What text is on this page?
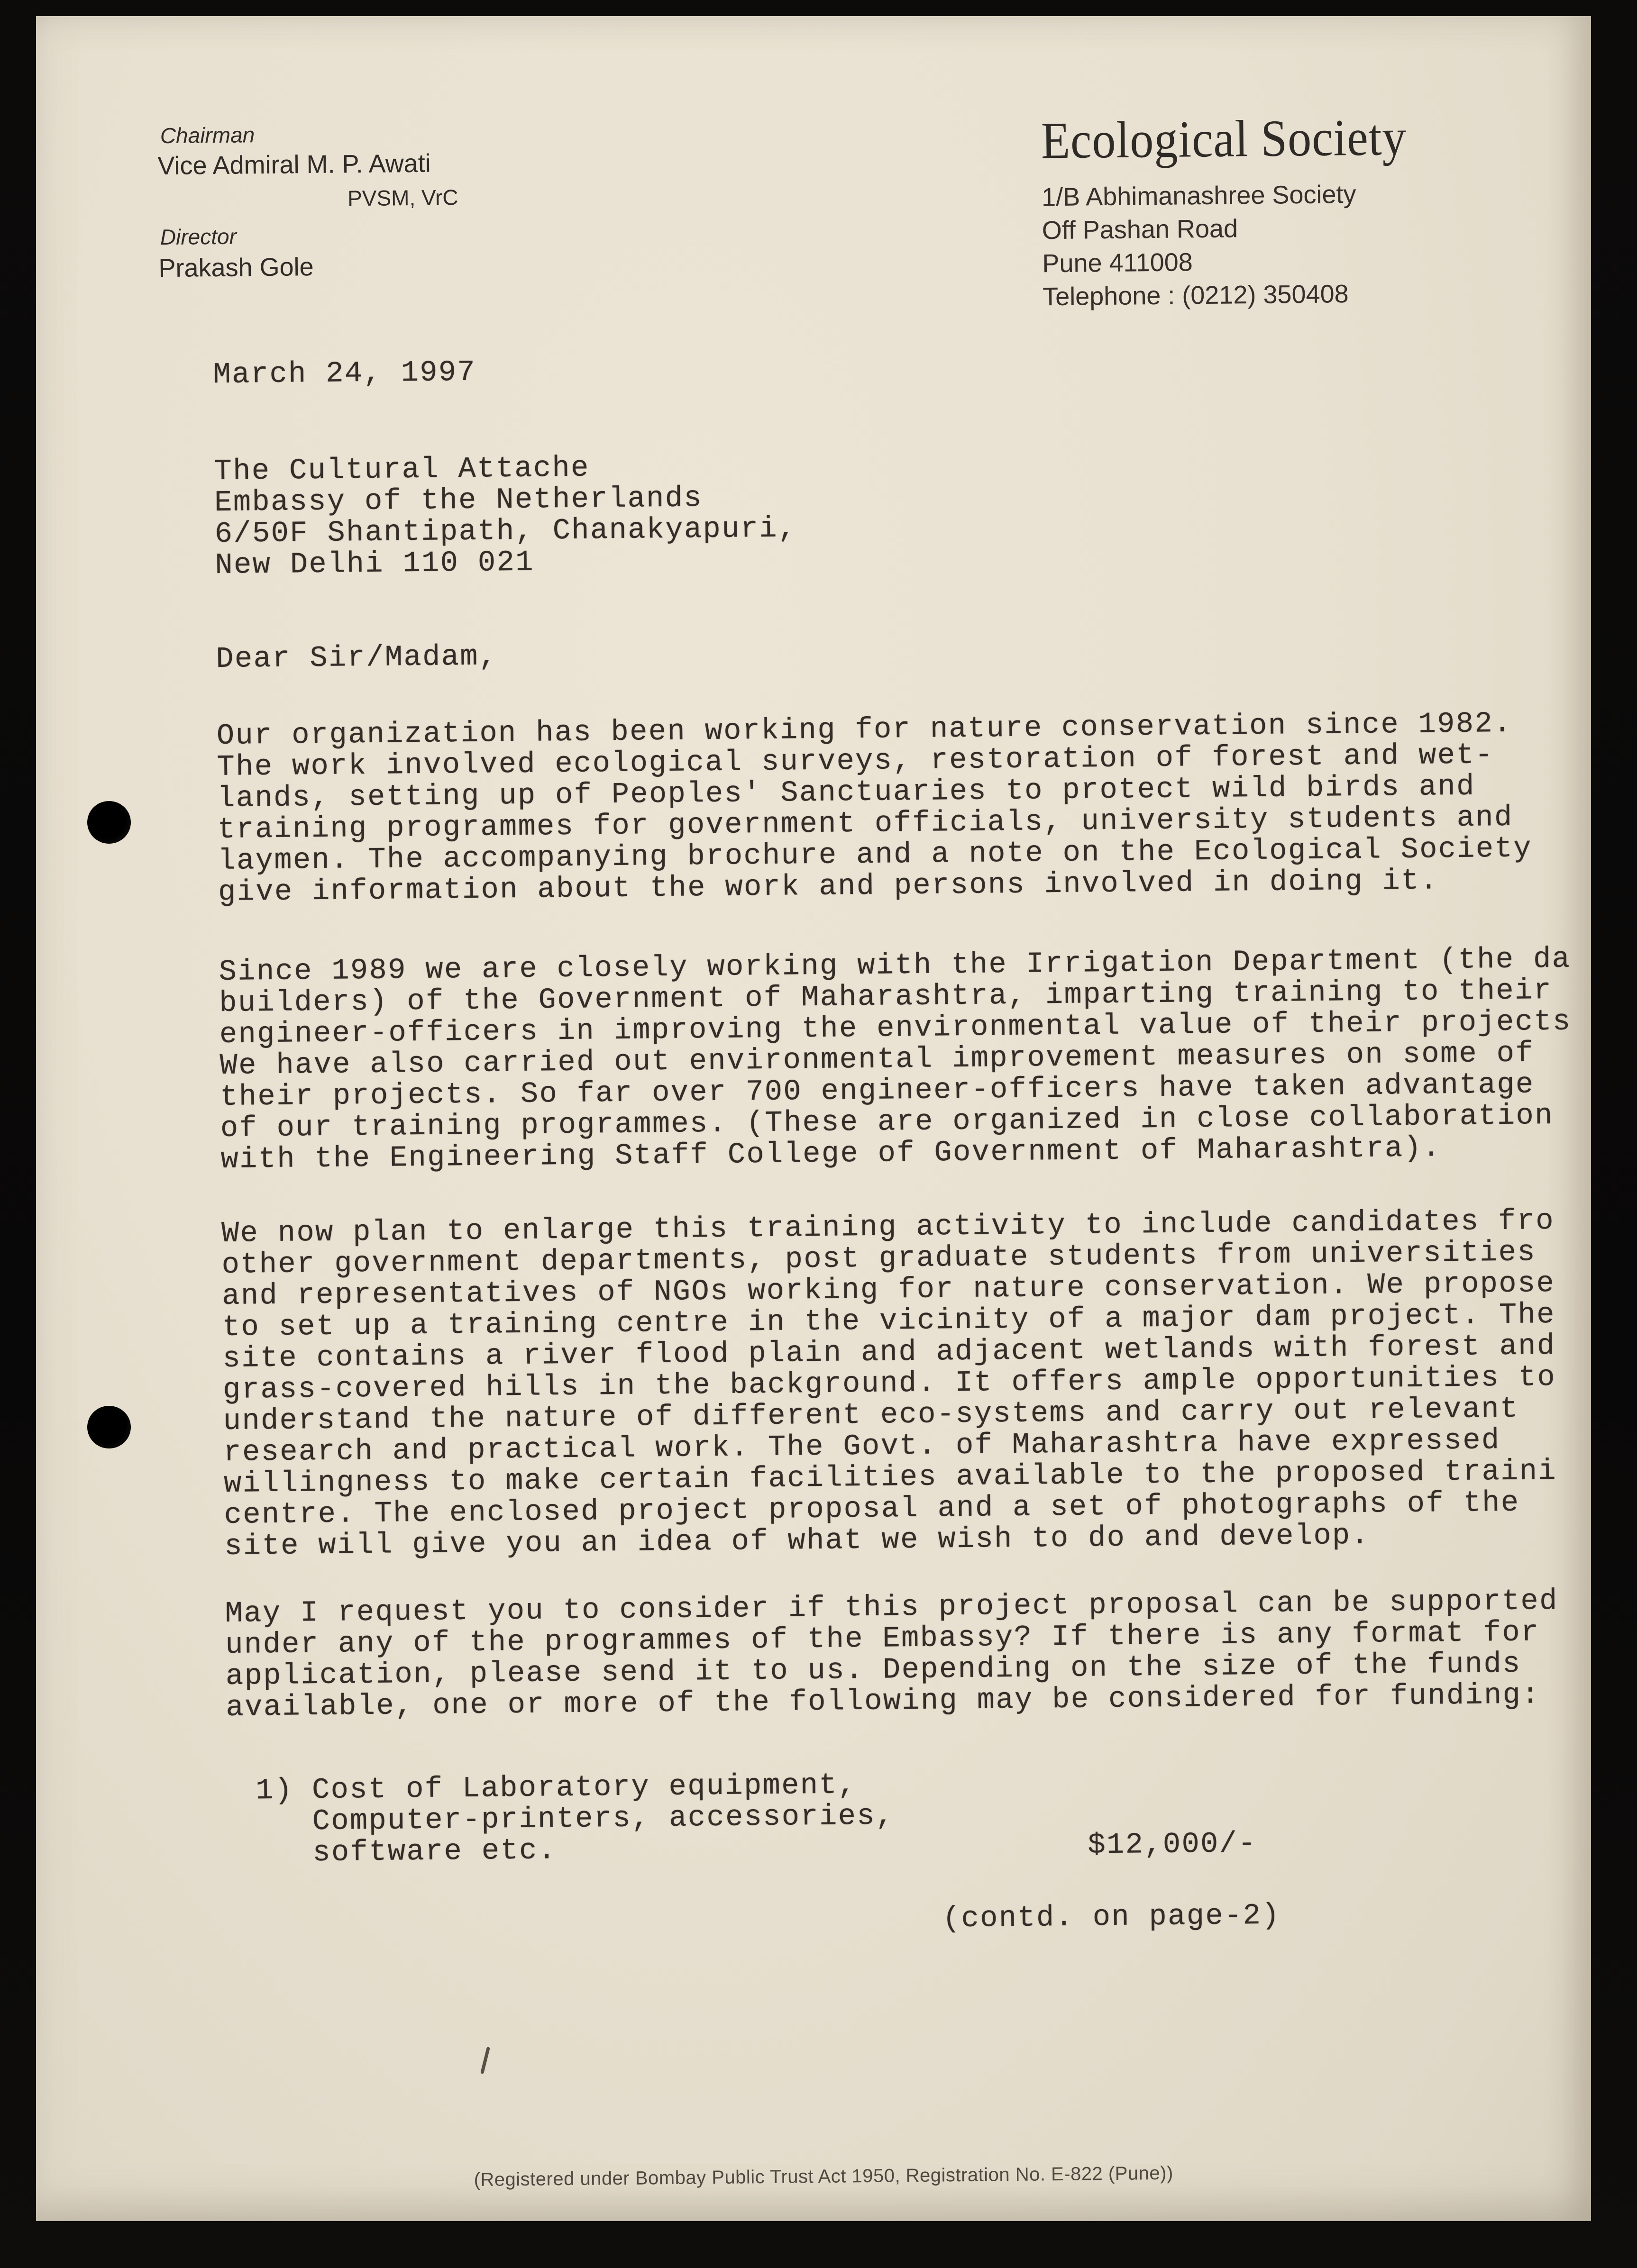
Chairman
Vice Admiral M. P. Awati
PVSM, VrC
Director
Prakash Gole
Ecological Society
1/B Abhimanashree Society
Off Pashan Road
Pune 411008
Telephone : (0212) 350408
March 24, 1997
The Cultural Attache
Embassy of the Netherlands
6/50F Shantipath, Chanakyapuri,
New Delhi 110 021
Dear Sir/Madam,
Our organization has been working for nature conservation since 1982.
The work involved ecological surveys, restoration of forest and wet-
lands, setting up of Peoples' Sanctuaries to protect wild birds and
training programmes for government officials, university students and
laymen. The accompanying brochure and a note on the Ecological Society
give information about the work and persons involved in doing it.
Since 1989 we are closely working with the Irrigation Department (the da
builders) of the Government of Maharashtra, imparting training to their
engineer-officers in improving the environmental value of their projects
We have also carried out environmental improvement measures on some of
their projects. So far over 700 engineer-officers have taken advantage
of our training programmes. (These are organized in close collaboration
with the Engineering Staff College of Government of Maharashtra).
We now plan to enlarge this training activity to include candidates fro
other government departments, post graduate students from universities
and representatives of NGOs working for nature conservation. We propose
to set up a training centre in the vicinity of a major dam project. The
site contains a river flood plain and adjacent wetlands with forest and
grass-covered hills in the background. It offers ample opportunities to
understand the nature of different eco-systems and carry out relevant
research and practical work. The Govt. of Maharashtra have expressed
willingness to make certain facilities available to the proposed traini
centre. The enclosed project proposal and a set of photographs of the
site will give you an idea of what we wish to do and develop.
May I request you to consider if this project proposal can be supported
under any of the programmes of the Embassy? If there is any format for
application, please send it to us. Depending on the size of the funds
available, one or more of the following may be considered for funding:
1) Cost of Laboratory equipment,
Computer-printers, accessories,
software etc.	$12,000/-
(contd. on page-2)
(Registered under Bombay Public Trust Act 1950, Registration No. E-822 (Pune))
